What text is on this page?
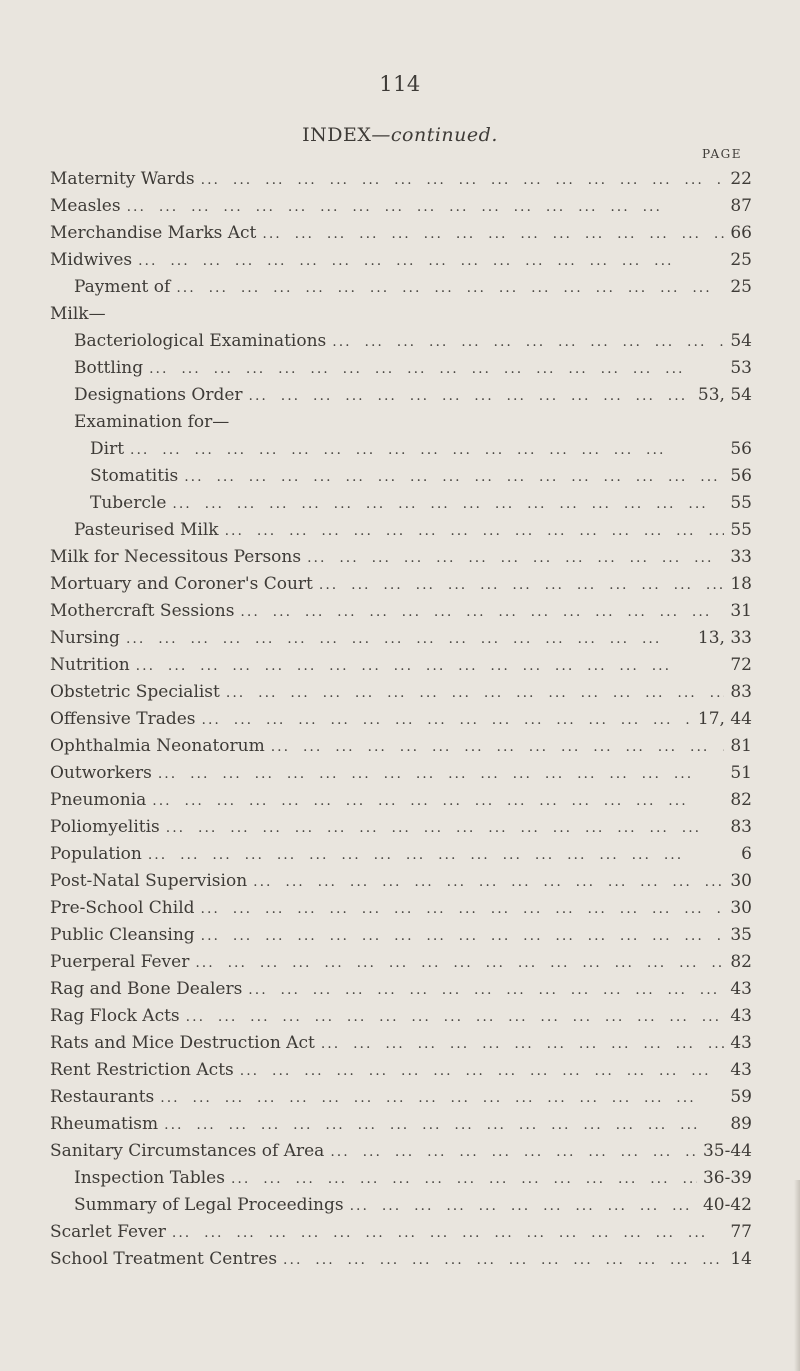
114
INDEX—continued.
PAGE
Maternity Wards ...	22
Measles ...	87
Merchandise Marks Act ...	66
Midwives ...	25
Payment of ...	25
Milk—
Bacteriological Examinations ...	54
Bottling ...	53
Designations Order ...	53, 54
Examination for—
Dirt ...	56
Stomatitis ...	56
Tubercle ...	55
Pasteurised Milk ...	55
Milk for Necessitous Persons ...	33
Mortuary and Coroner's Court ...	18
Mothercraft Sessions ...	31
Nursing ...	13, 33
Nutrition ...	72
Obstetric Specialist ...	83
Offensive Trades ...	17, 44
Ophthalmia Neonatorum ...	81
Outworkers ...	51
Pneumonia ...	82
Poliomyelitis ...	83
Population ...	6
Post-Natal Supervision ...	30
Pre-School Child ...	30
Public Cleansing ...	35
Puerperal Fever ...	82
Rag and Bone Dealers ...	43
Rag Flock Acts ...	43
Rats and Mice Destruction Act ...	43
Rent Restriction Acts ...	43
Restaurants ...	59
Rheumatism ...	89
Sanitary Circumstances of Area ...	35-44
Inspection Tables ...	36-39
Summary of Legal Proceedings ...	40-42
Scarlet Fever ...	77
School Treatment Centres ...	14
